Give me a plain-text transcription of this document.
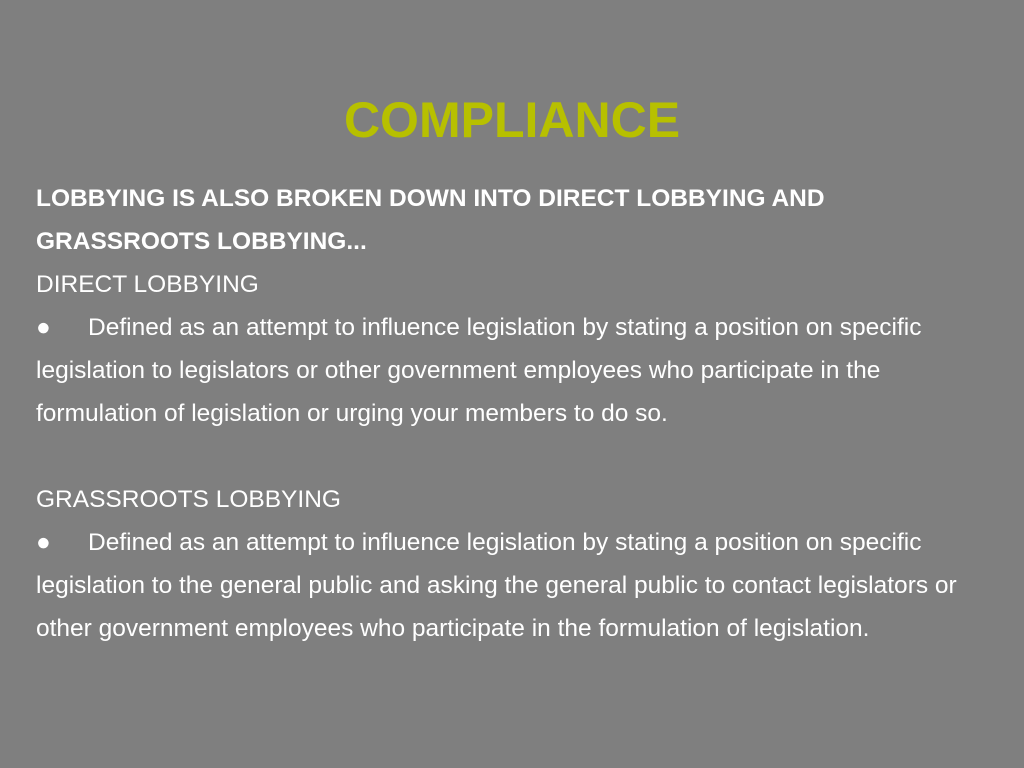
COMPLIANCE
LOBBYING IS ALSO BROKEN DOWN INTO DIRECT LOBBYING AND GRASSROOTS LOBBYING...
DIRECT LOBBYING
● Defined as an attempt to influence legislation by stating a position on specific legislation to legislators or other government employees who participate in the formulation of legislation or urging your members to do so.
GRASSROOTS LOBBYING
● Defined as an attempt to influence legislation by stating a position on specific legislation to the general public and asking the general public to contact legislators or other government employees who participate in the formulation of legislation.
